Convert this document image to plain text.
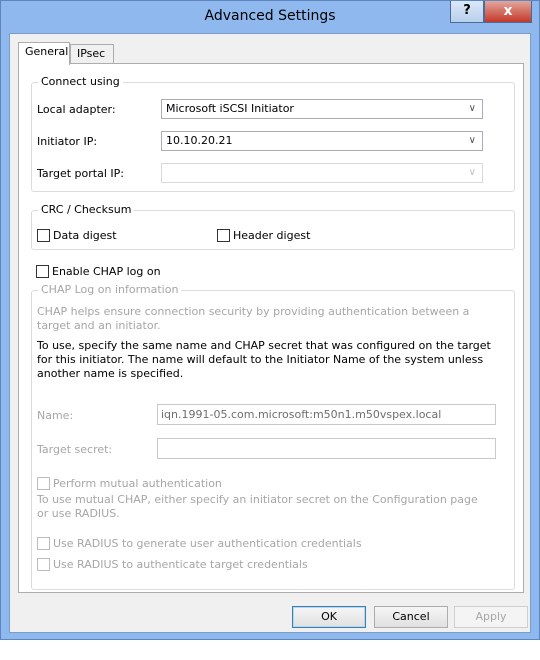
Advanced Settings	?	x
General IPsec
Connect using
Local adapter:	Microsoft iSCSI Initiator	∨
Initiator IP:	10.10.20.21	∨
Target portal IP:	∨
CRC / Checksum
Data digest	Header digest
Enable CHAP log on
CHAP Log on information
CHAP helps ensure connection security by providing authentication between a target and an initiator.
To use, specify the same name and CHAP secret that was configured on the target for this initiator. The name will default to the Initiator Name of the system unless another name is specified.
Name:	iqn.1991-05.com.microsoft:m50n1.m50vspex.local
Target secret:
Perform mutual authentication
To use mutual CHAP, either specify an initiator secret on the Configuration page or use RADIUS.
Use RADIUS to generate user authentication credentials
Use RADIUS to authenticate target credentials
OK	Cancel	Apply
